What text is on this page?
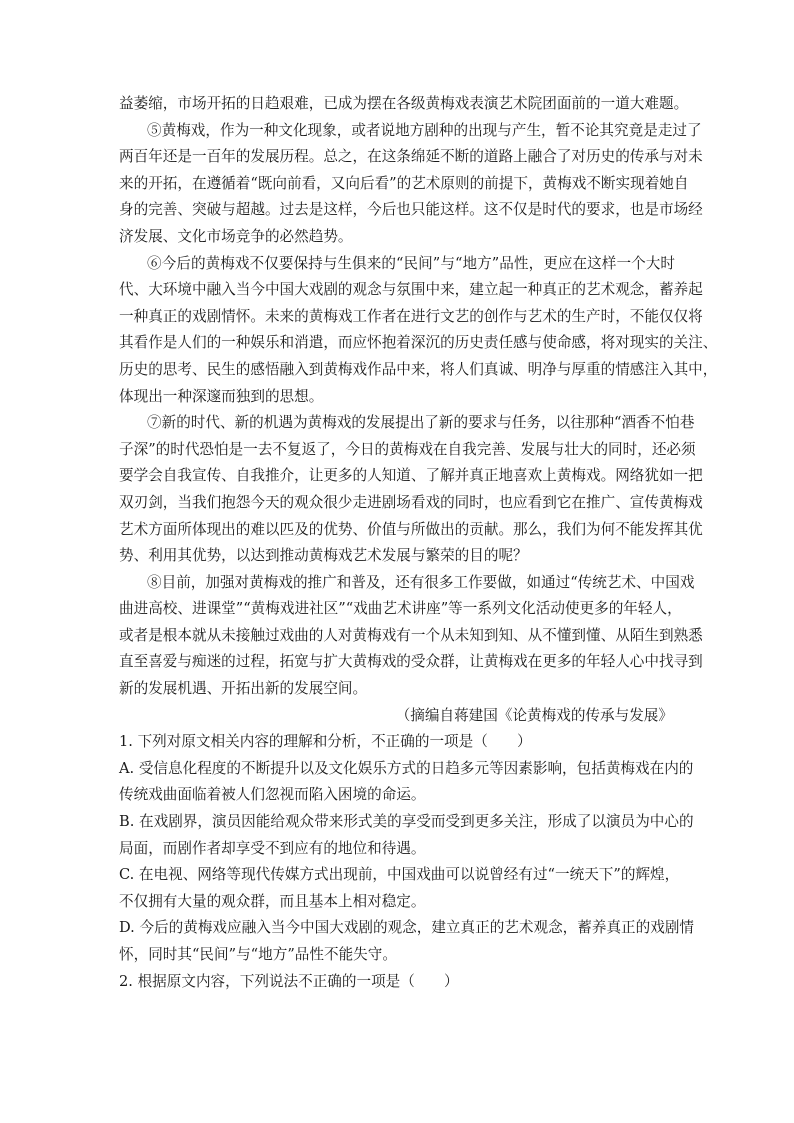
益萎缩，市场开拓的日趋艰难，已成为摆在各级黄梅戏表演艺术院团面前的一道大难题。
⑤黄梅戏，作为一种文化现象，或者说地方剧种的出现与产生，暂不论其究竟是走过了
两百年还是一百年的发展历程。总之，在这条绵延不断的道路上融合了对历史的传承与对未
来的开拓，在遵循着“既向前看，又向后看”的艺术原则的前提下，黄梅戏不断实现着她自
身的完善、突破与超越。过去是这样，今后也只能这样。这不仅是时代的要求，也是市场经
济发展、文化市场竞争的必然趋势。
⑥今后的黄梅戏不仅要保持与生俱来的“民间”与“地方”品性，更应在这样一个大时
代、大环境中融入当今中国大戏剧的观念与氛围中来，建立起一种真正的艺术观念，蓄养起
一种真正的戏剧情怀。未来的黄梅戏工作者在进行文艺的创作与艺术的生产时，不能仅仅将
其看作是人们的一种娱乐和消遣，而应怀抱着深沉的历史责任感与使命感，将对现实的关注、
历史的思考、民生的感悟融入到黄梅戏作品中来，将人们真诚、明净与厚重的情感注入其中，
体现出一种深邃而独到的思想。
⑦新的时代、新的机遇为黄梅戏的发展提出了新的要求与任务，以往那种“酒香不怕巷
子深”的时代恐怕是一去不复返了，今日的黄梅戏在自我完善、发展与壮大的同时，还必须
要学会自我宣传、自我推介，让更多的人知道、了解并真正地喜欢上黄梅戏。网络犹如一把
双刃剑，当我们抱怨今天的观众很少走进剧场看戏的同时，也应看到它在推广、宣传黄梅戏
艺术方面所体现出的难以匹及的优势、价值与所做出的贡献。那么，我们为何不能发挥其优
势、利用其优势，以达到推动黄梅戏艺术发展与繁荣的目的呢？
⑧目前，加强对黄梅戏的推广和普及，还有很多工作要做，如通过“传统艺术、中国戏
曲进高校、进课堂”“黄梅戏进社区”“戏曲艺术讲座”等一系列文化活动使更多的年轻人，
或者是根本就从未接触过戏曲的人对黄梅戏有一个从未知到知、从不懂到懂、从陌生到熟悉
直至喜爱与痴迷的过程，拓宽与扩大黄梅戏的受众群，让黄梅戏在更多的年轻人心中找寻到
新的发展机遇、开拓出新的发展空间。
（摘编自蒋建国《论黄梅戏的传承与发展》
1. 下列对原文相关内容的理解和分析，不正确的一项是（　　）
A. 受信息化程度的不断提升以及文化娱乐方式的日趋多元等因素影响，包括黄梅戏在内的
传统戏曲面临着被人们忽视而陷入困境的命运。
B. 在戏剧界，演员因能给观众带来形式美的享受而受到更多关注，形成了以演员为中心的
局面，而剧作者却享受不到应有的地位和待遇。
C. 在电视、网络等现代传媒方式出现前，中国戏曲可以说曾经有过“一统天下”的辉煌，
不仅拥有大量的观众群，而且基本上相对稳定。
D. 今后的黄梅戏应融入当今中国大戏剧的观念，建立真正的艺术观念，蓄养真正的戏剧情
怀，同时其“民间”与“地方”品性不能失守。
2. 根据原文内容，下列说法不正确的一项是（　　）
